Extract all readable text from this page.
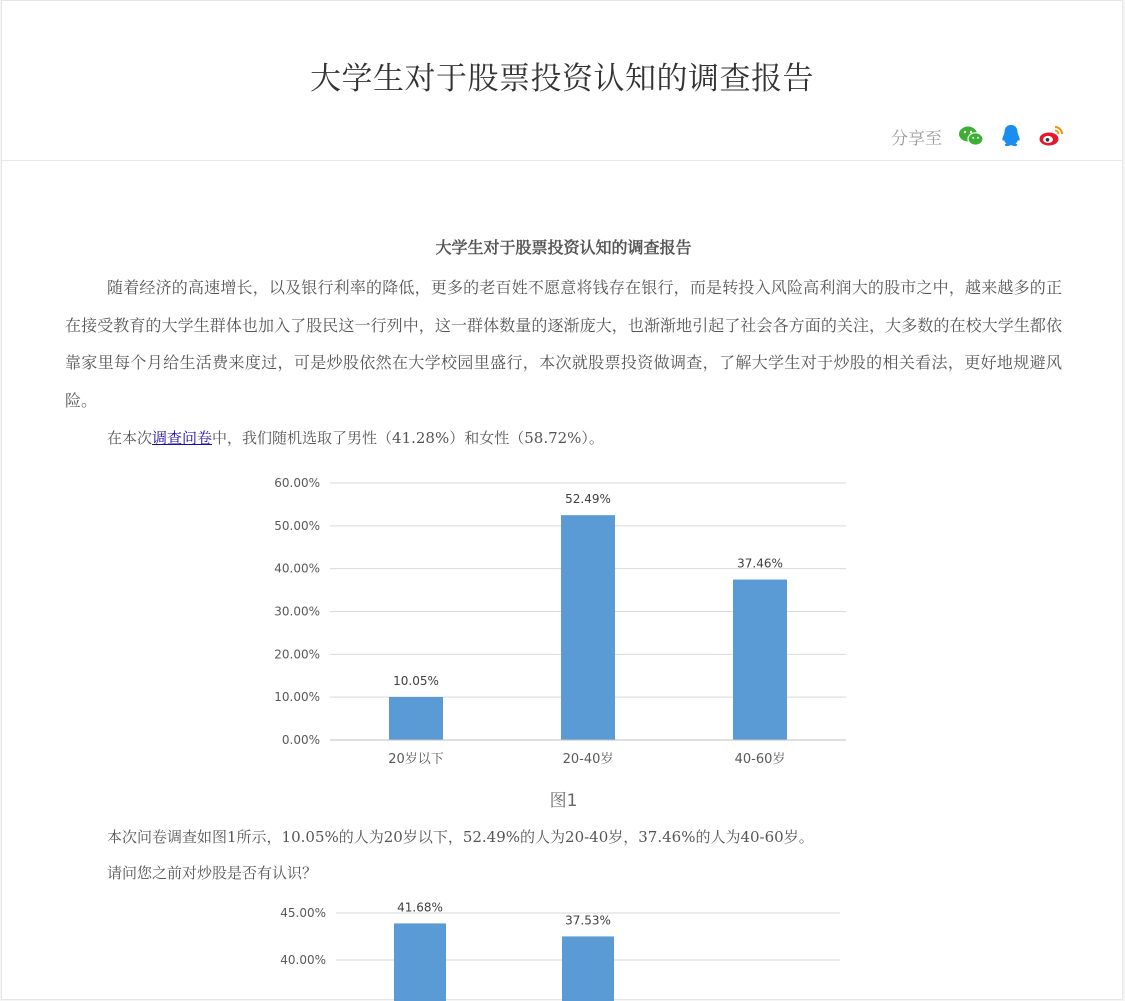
大学生对于股票投资认知的调查报告
分享至
大学生对于股票投资认知的调查报告

随着经济的高速增长，以及银行利率的降低，更多的老百姓不愿意将钱存在银行，而是转投入风险高利润大的股市之中，越来越多的正在接受教育的大学生群体也加入了股民这一行列中，这一群体数量的逐渐庞大，也渐渐地引起了社会各方面的关注，大多数的在校大学生都依靠家里每个月给生活费来度过，可是炒股依然在大学校园里盛行，本次就股票投资做调查，了解大学生对于炒股的相关看法，更好地规避风险。

在本次调查问卷中，我们随机选取了男性（41.28%）和女性（58.72%）。

0.00%
10.00%
20.00%
30.00%
40.00%
50.00%
60.00%
10.05%
20岁以下
52.49%
20-40岁
37.46%
40-60岁
图1

本次问卷调查如图1所示，10.05%的人为20岁以下，52.49%的人为20-40岁，37.46%的人为40-60岁。

请问您之前对炒股是否有认识？

40.00%
45.00%	41.68%
37.53%
